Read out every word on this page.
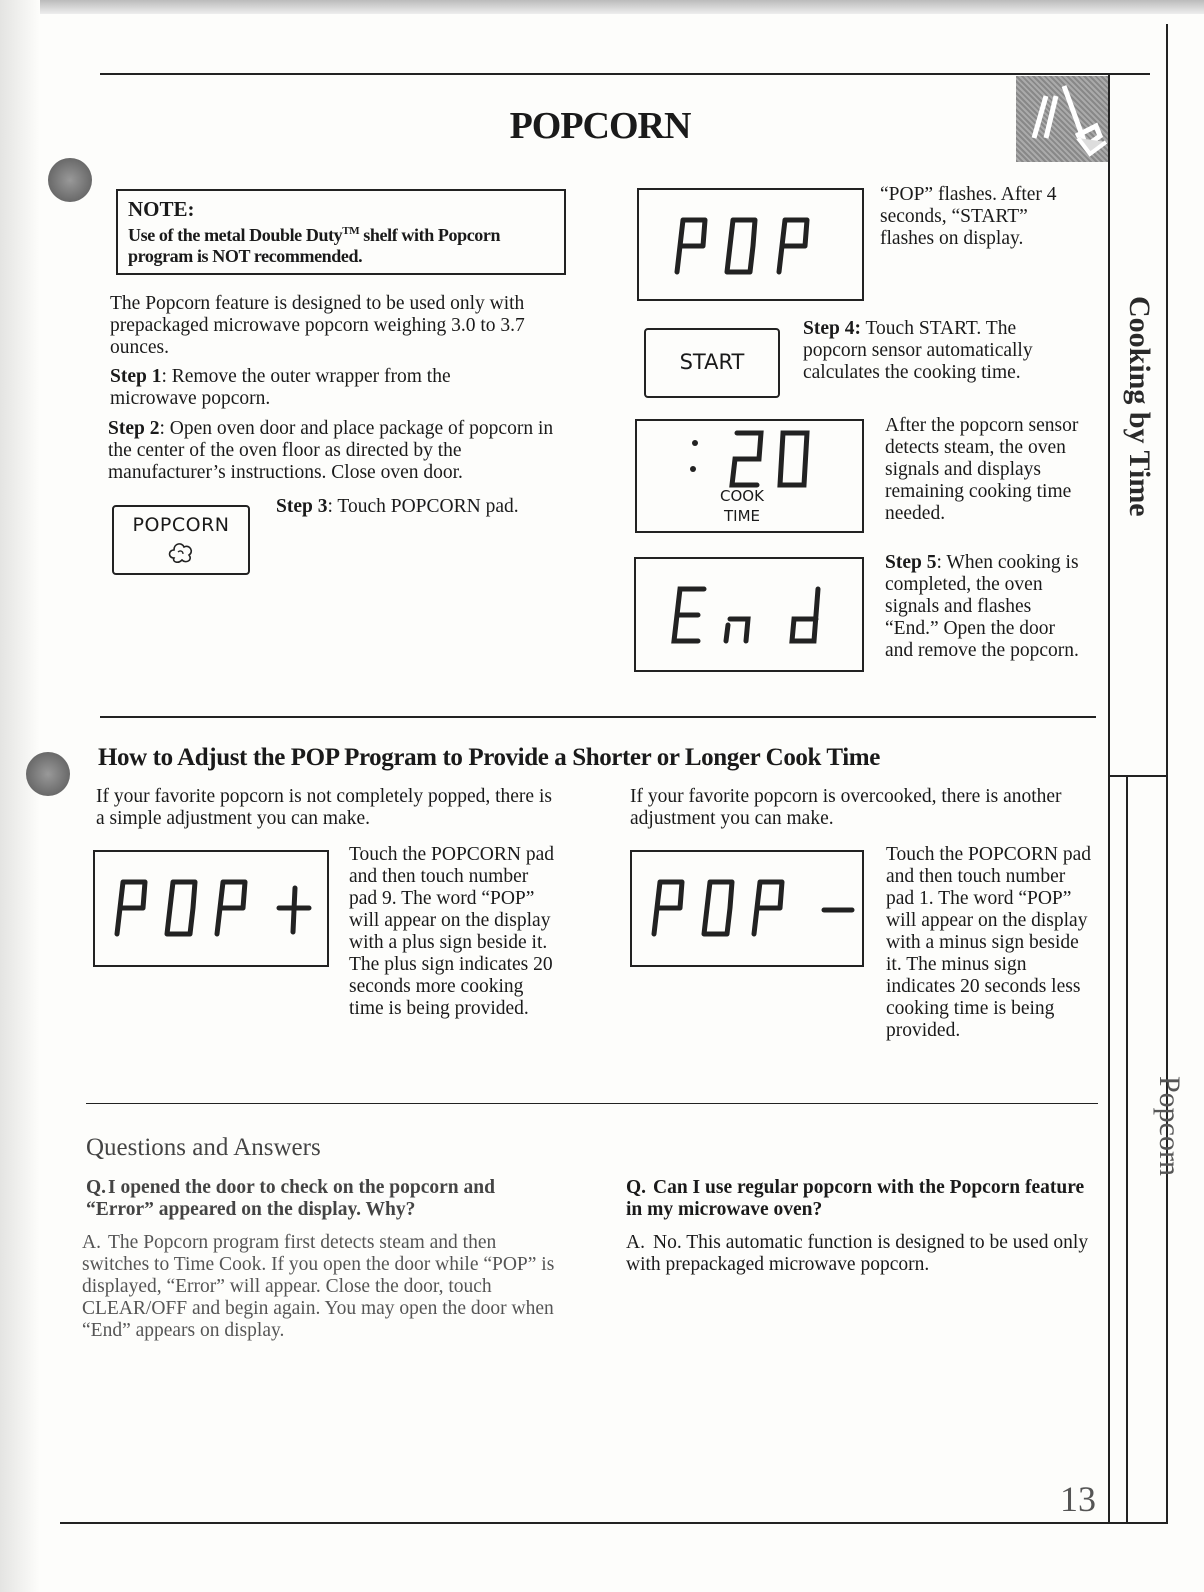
POPCORN
NOTE:
Use of the metal Double Duty™ shelf with Popcorn program is NOT recommended.
The Popcorn feature is designed to be used only with prepackaged microwave popcorn weighing 3.0 to 3.7 ounces.
Step 1: Remove the outer wrapper from the microwave popcorn.
Step 2: Open oven door and place package of popcorn in the center of the oven floor as directed by the manufacturer’s instructions. Close oven door.
POPCORN
Step 3: Touch POPCORN pad.
POP	“POP” flashes. After 4 seconds, “START” flashes on display.
START
Step 4: Touch START. The popcorn sensor automatically calculates the cooking time.
COOK
TIME
After the popcorn sensor detects steam, the oven signals and displays remaining cooking time needed.
End	Step 5: When cooking is completed, the oven signals and flashes “End.” Open the door and remove the popcorn.
How to Adjust the POP Program to Provide a Shorter or Longer Cook Time
If your favorite popcorn is not completely popped, there is a simple adjustment you can make.
If your favorite popcorn is overcooked, there is another adjustment you can make.
POP+	Touch the POPCORN pad and then touch number pad 9. The word “POP” will appear on the display with a plus sign beside it. The plus sign indicates 20 seconds more cooking time is being provided.
POP-	Touch the POPCORN pad and then touch number pad 1. The word “POP” will appear on the display with a minus sign beside it. The minus sign indicates 20 seconds less cooking time is being provided.
Questions and Answers
Q. I opened the door to check on the popcorn and “Error” appeared on the display. Why?
A. The Popcorn program first detects steam and then switches to Time Cook. If you open the door while “POP” is displayed, “Error” will appear. Close the door, touch CLEAR/OFF and begin again. You may open the door when “End” appears on display.
Q. Can I use regular popcorn with the Popcorn feature in my microwave oven?
A. No. This automatic function is designed to be used only with prepackaged microwave popcorn.
Cooking by Time
Popcorn
13
